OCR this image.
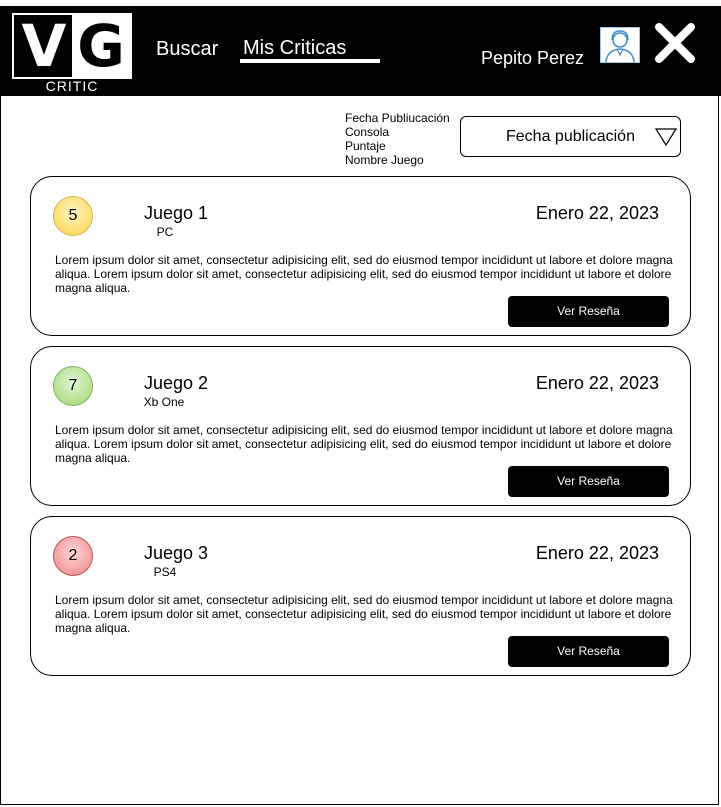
V G
CRITIC
Buscar Mis Criticas	Pepito Perez
Fecha Publiucación
Consola
Puntaje
Nombre Juego
Fecha publicación
5	Juego 1
PC
Enero 22, 2023
Lorem ipsum dolor sit amet, consectetur adipisicing elit, sed do eiusmod tempor incididunt ut labore et dolore magna aliqua. Lorem ipsum dolor sit amet, consectetur adipisicing elit, sed do eiusmod tempor incididunt ut labore et dolore magna aliqua.
Ver Reseña
7	Juego 2
Xb One
Enero 22, 2023
Lorem ipsum dolor sit amet, consectetur adipisicing elit, sed do eiusmod tempor incididunt ut labore et dolore magna aliqua. Lorem ipsum dolor sit amet, consectetur adipisicing elit, sed do eiusmod tempor incididunt ut labore et dolore magna aliqua.
Ver Reseña
2	Juego 3
PS4
Enero 22, 2023
Lorem ipsum dolor sit amet, consectetur adipisicing elit, sed do eiusmod tempor incididunt ut labore et dolore magna aliqua. Lorem ipsum dolor sit amet, consectetur adipisicing elit, sed do eiusmod tempor incididunt ut labore et dolore magna aliqua.
Ver Reseña
